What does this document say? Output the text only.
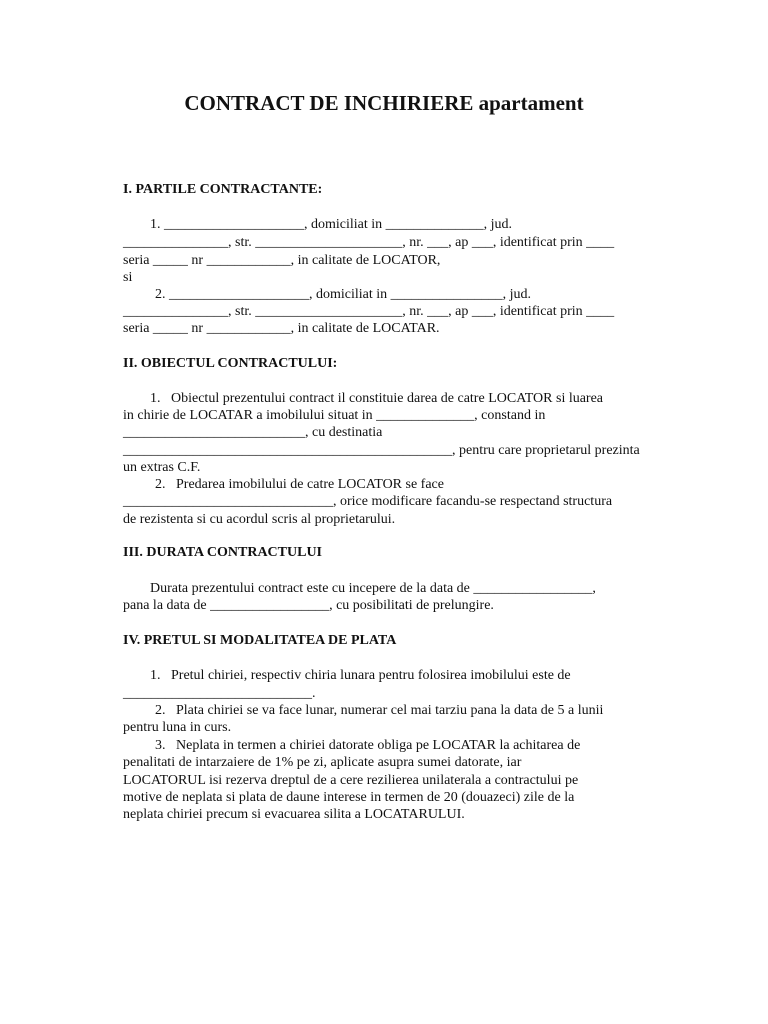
CONTRACT DE INCHIRIERE apartament
I. PARTILE CONTRACTANTE:
1. ____________________, domiciliat in ______________, jud.
_______________, str. _____________________, nr. ___, ap ___, identificat prin ____
seria _____ nr ____________, in calitate de LOCATOR,
si
2. ____________________, domiciliat in ________________, jud.
_______________, str. _____________________, nr. ___, ap ___, identificat prin ____
seria _____ nr ____________, in calitate de LOCATAR.
II. OBIECTUL CONTRACTULUI:
1.   Obiectul prezentului contract il constituie darea de catre LOCATOR si luarea
in chirie de LOCATAR a imobilului situat in ______________, constand in
__________________________, cu destinatia
_______________________________________________, pentru care proprietarul prezinta
un extras C.F.
2.   Predarea imobilului de catre LOCATOR se face
______________________________, orice modificare facandu-se respectand structura
de rezistenta si cu acordul scris al proprietarului.
III. DURATA CONTRACTULUI
Durata prezentului contract este cu incepere de la data de _________________,
pana la data de _________________, cu posibilitati de prelungire.
IV. PRETUL SI MODALITATEA DE PLATA
1.   Pretul chiriei, respectiv chiria lunara pentru folosirea imobilului este de
___________________________.
2.   Plata chiriei se va face lunar, numerar cel mai tarziu pana la data de 5 a lunii
pentru luna in curs.
3.   Neplata in termen a chiriei datorate obliga pe LOCATAR la achitarea de
penalitati de intarzaiere de 1% pe zi, aplicate asupra sumei datorate, iar
LOCATORUL isi rezerva dreptul de a cere rezilierea unilaterala a contractului pe
motive de neplata si plata de daune interese in termen de 20 (douazeci) zile de la
neplata chiriei precum si evacuarea silita a LOCATARULUI.
